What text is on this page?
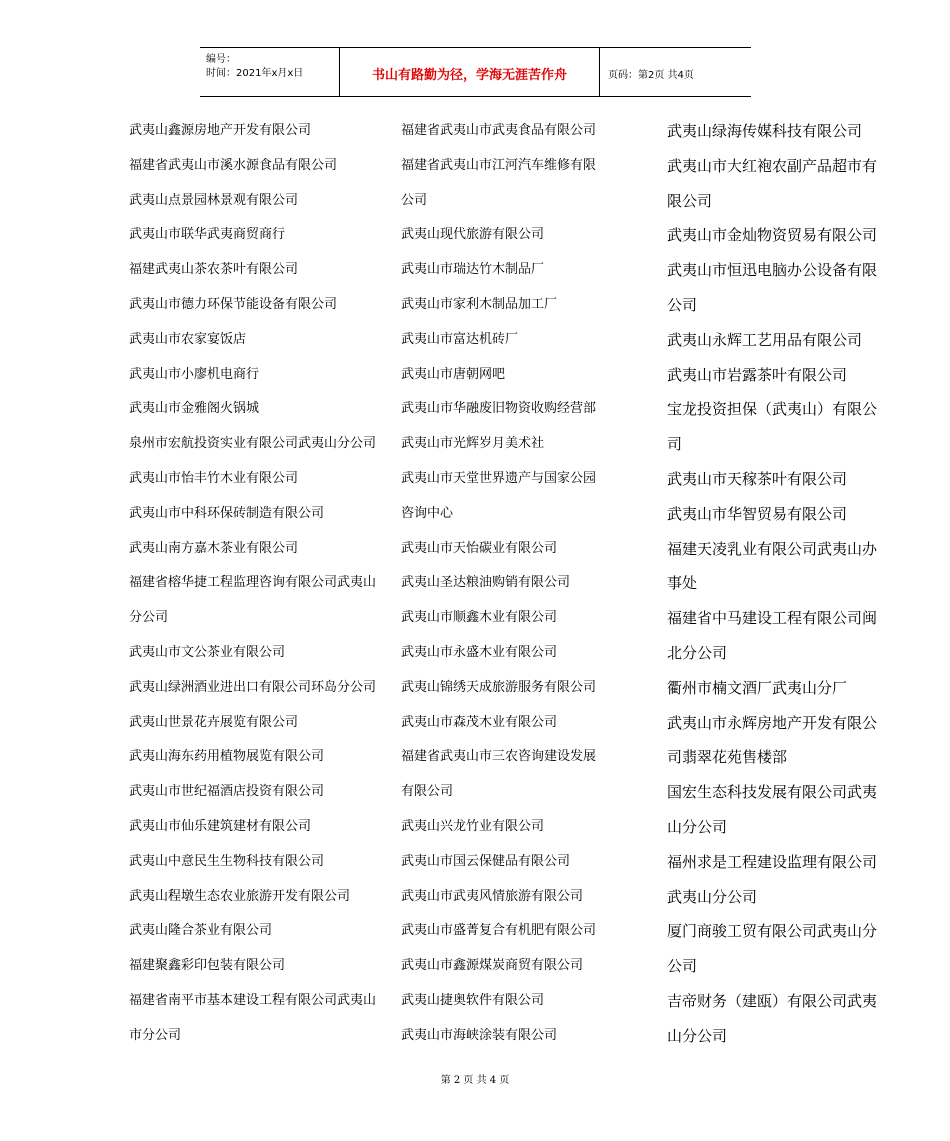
编号：
时间：2021年x月x日	书山有路勤为径，学海无涯苦作舟	页码：第2页 共4页
武夷山鑫源房地产开发有限公司
福建省武夷山市溪水源食品有限公司
武夷山点景园林景观有限公司
武夷山市联华武夷商贸商行
福建武夷山茶农茶叶有限公司
武夷山市德力环保节能设备有限公司
武夷山市农家宴饭店
武夷山市小廖机电商行
武夷山市金雅阁火锅城
泉州市宏航投资实业有限公司武夷山分公司
武夷山市怡丰竹木业有限公司
武夷山市中科环保砖制造有限公司
武夷山南方嘉木茶业有限公司
福建省榕华捷工程监理咨询有限公司武夷山
分公司
武夷山市文公茶业有限公司
武夷山绿洲酒业进出口有限公司环岛分公司
武夷山世景花卉展览有限公司
武夷山海东药用植物展览有限公司
武夷山市世纪福酒店投资有限公司
武夷山市仙乐建筑建材有限公司
武夷山中意民生生物科技有限公司
武夷山程墩生态农业旅游开发有限公司
武夷山隆合茶业有限公司
福建聚鑫彩印包装有限公司
福建省南平市基本建设工程有限公司武夷山
市分公司
福建省武夷山市武夷食品有限公司
福建省武夷山市江河汽车维修有限
公司
武夷山现代旅游有限公司
武夷山市瑞达竹木制品厂
武夷山市家利木制品加工厂
武夷山市富达机砖厂
武夷山市唐朝网吧
武夷山市华融废旧物资收购经营部
武夷山市光辉岁月美术社
武夷山市天堂世界遗产与国家公园
咨询中心
武夷山市天怡碳业有限公司
武夷山圣达粮油购销有限公司
武夷山市顺鑫木业有限公司
武夷山市永盛木业有限公司
武夷山锦绣天成旅游服务有限公司
武夷山市森茂木业有限公司
福建省武夷山市三农咨询建设发展
有限公司
武夷山兴龙竹业有限公司
武夷山市国云保健品有限公司
武夷山市武夷风情旅游有限公司
武夷山市盛菁复合有机肥有限公司
武夷山市鑫源煤炭商贸有限公司
武夷山捷奥软件有限公司
武夷山市海峡涂装有限公司
武夷山绿海传媒科技有限公司
武夷山市大红袍农副产品超市有
限公司
武夷山市金灿物资贸易有限公司
武夷山市恒迅电脑办公设备有限
公司
武夷山永辉工艺用品有限公司
武夷山市岩露茶叶有限公司
宝龙投资担保（武夷山）有限公
司
武夷山市天稼茶叶有限公司
武夷山市华智贸易有限公司
福建天凌乳业有限公司武夷山办
事处
福建省中马建设工程有限公司闽
北分公司
衢州市楠文酒厂武夷山分厂
武夷山市永辉房地产开发有限公
司翡翠花苑售楼部
国宏生态科技发展有限公司武夷
山分公司
福州求是工程建设监理有限公司
武夷山分公司
厦门商骏工贸有限公司武夷山分
公司
吉帝财务（建瓯）有限公司武夷
山分公司
第 2 页 共 4 页
